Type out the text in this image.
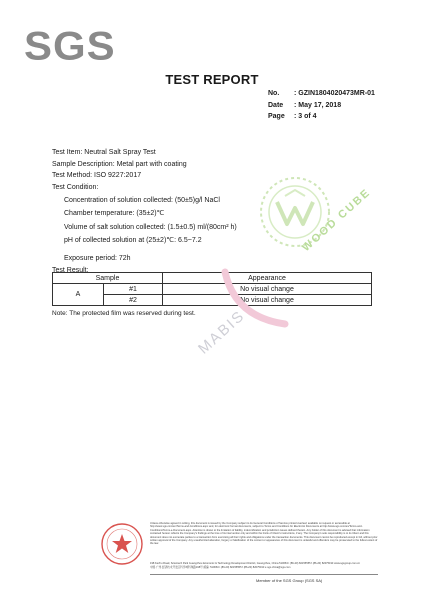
SGS
TEST REPORT
No. : GZIN1804020473MR-01
Date : May 17, 2018
Page : 3 of 4
Test Item: Neutral Salt Spray Test
Sample Description: Metal part with coating
Test Method: ISO 9227:2017
Test Condition:
Concentration of solution collected: (50±5)g/l NaCl
Chamber temperature: (35±2)℃
Volume of salt solution collected: (1.5±0.5) ml/(80cm² h)
pH of collected solution at (25±2)℃: 6.5~7.2
Exposure period: 72h
Test Result:
Sample		Appearance
A	#1	No visual change
	#2	No visual change
Note: The protected film was reserved during test. MABIS
WOOD CUBE
Unless otherwise agreed in writing, this document is issued by the Company subject to its General Conditions of Service printed overleaf, available on request or accessible at http://www.sgs.com/en/Terms-and-Conditions.aspx and, for electronic format documents, subject to Terms and Conditions for Electronic Documents at http://www.sgs.com/en/Terms-and-Conditions/Terms-e-Document.aspx. Attention is drawn to the limitation of liability, indemnification and jurisdiction issues defined therein. Any holder of this document is advised that information contained hereon reflects the Company's findings at the time of its intervention only and within the limits of Client's instructions, if any. The Company's sole responsibility is to its Client and this document does not exonerate parties to a transaction from exercising all their rights and obligations under the transaction documents. This document cannot be reproduced except in full, without prior written approval of the Company. Any unauthorized alteration, forgery or falsification of the content or appearance of this document is unlawful and offenders may be prosecuted to the fullest extent of the law.
198 Kezhu Road, Scientech Park Guangzhou Economic & Technology Development District, Guangzhou, China 510663 t (86-20) 82155555 f (86-20) 82075193 www.sgsgroup.com.cn
中国·广州·经济技术开发区科学城科珠路198号 邮编: 510663 t (86-20) 82155555 f (86-20) 82075193 e sgs.china@sgs.com
Member of the SGS Group (SGS SA)
